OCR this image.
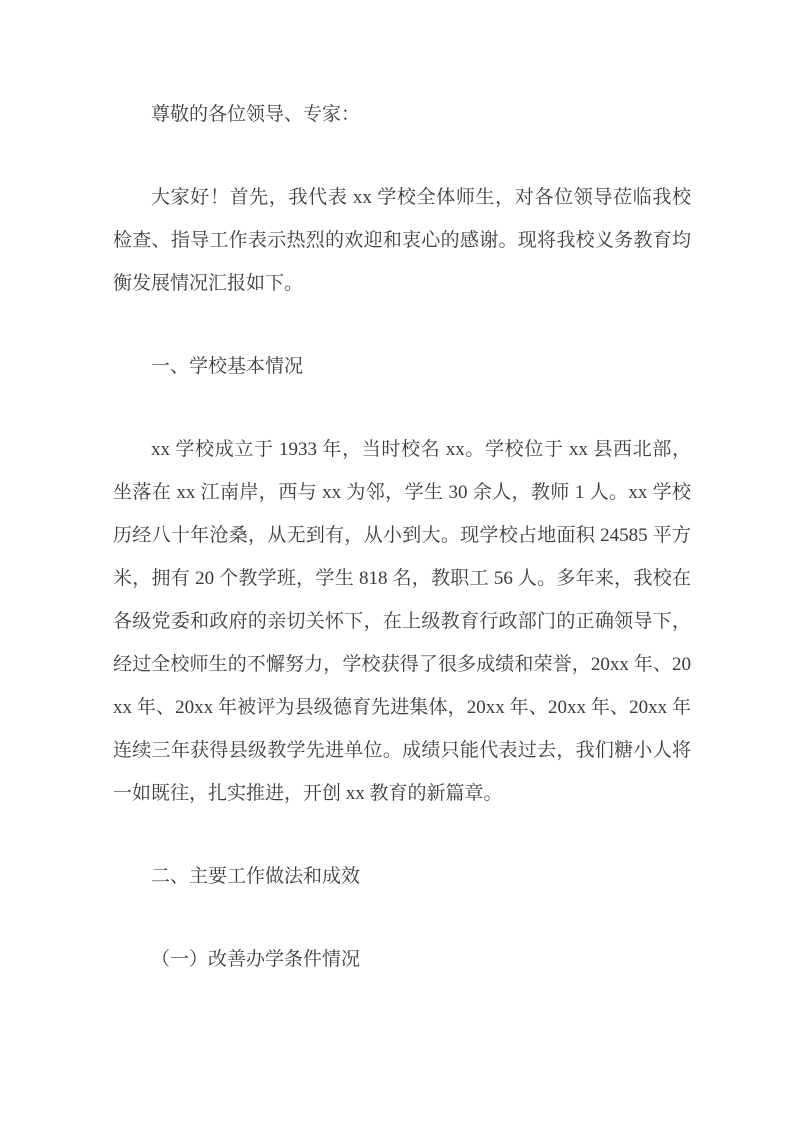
尊敬的各位领导、专家：

大家好！首先，我代表 xx 学校全体师生，对各位领导莅临我校检查、指导工作表示热烈的欢迎和衷心的感谢。现将我校义务教育均衡发展情况汇报如下。

一、学校基本情况

xx 学校成立于 1933 年，当时校名 xx。学校位于 xx 县西北部，坐落在 xx 江南岸，西与 xx 为邻，学生 30 余人，教师 1 人。xx 学校历经八十年沧桑，从无到有，从小到大。现学校占地面积 24585 平方米，拥有 20 个教学班，学生 818 名，教职工 56 人。多年来，我校在各级党委和政府的亲切关怀下，在上级教育行政部门的正确领导下，经过全校师生的不懈努力，学校获得了很多成绩和荣誉，20xx 年、20xx 年、20xx 年被评为县级德育先进集体，20xx 年、20xx 年、20xx 年连续三年获得县级教学先进单位。成绩只能代表过去，我们糖小人将一如既往，扎实推进，开创 xx 教育的新篇章。

二、主要工作做法和成效

（一）改善办学条件情况
